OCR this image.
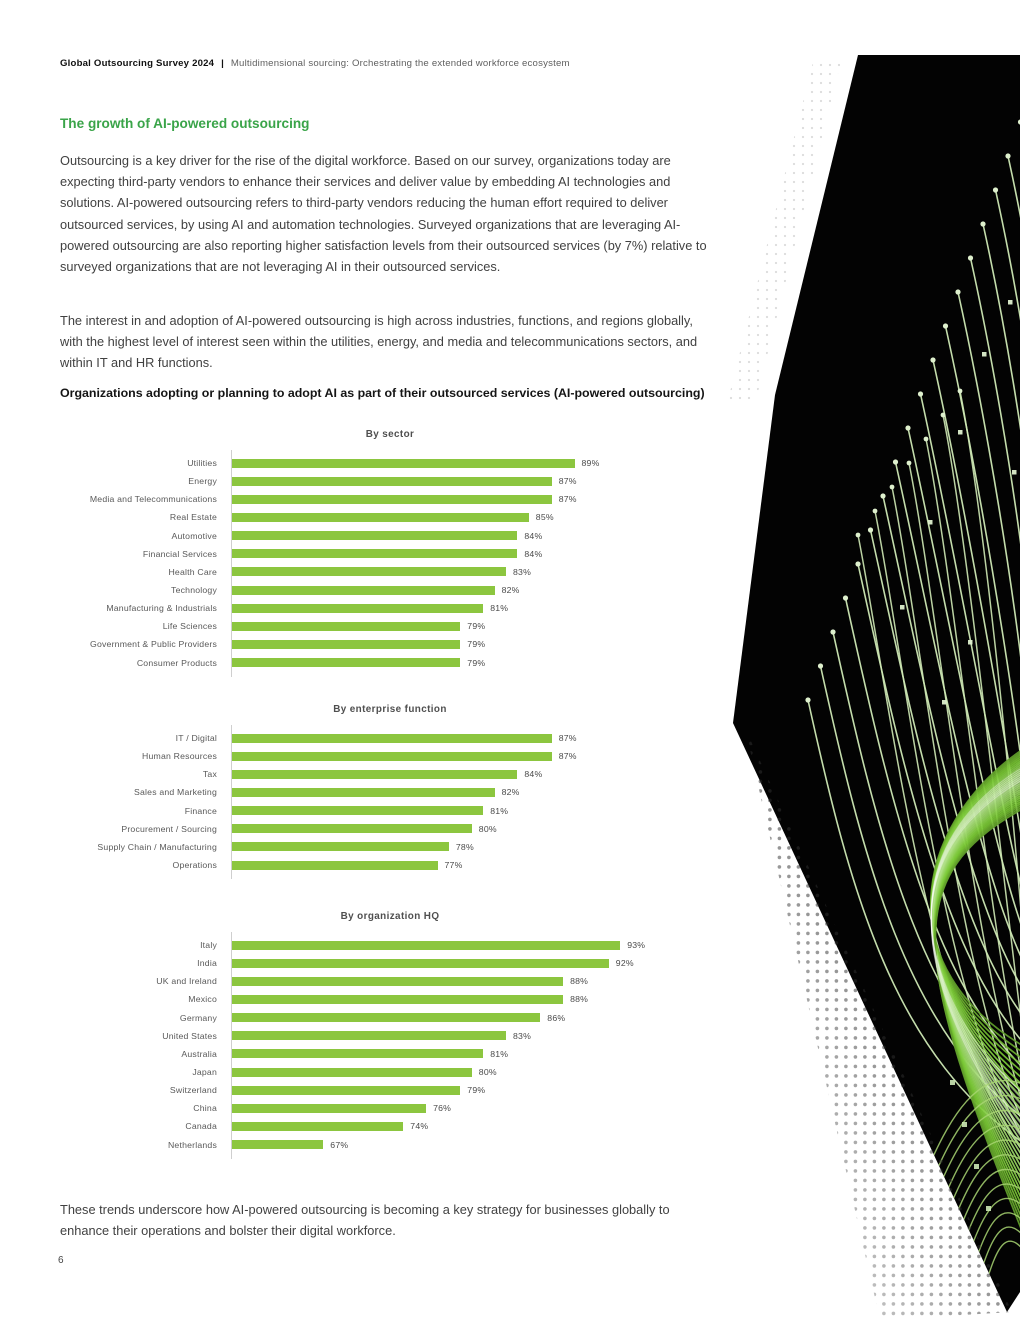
Global Outsourcing Survey 2024 | Multidimensional sourcing: Orchestrating the extended workforce ecosystem
The growth of AI-powered outsourcing

Outsourcing is a key driver for the rise of the digital workforce. Based on our survey, organizations today are expecting third-party vendors to enhance their services and deliver value by embedding AI technologies and solutions. AI-powered outsourcing refers to third-party vendors reducing the human effort required to deliver outsourced services, by using AI and automation technologies. Surveyed organizations that are leveraging AI-powered outsourcing are also reporting higher satisfaction levels from their outsourced services (by 7%) relative to surveyed organizations that are not leveraging AI in their outsourced services.

The interest in and adoption of AI-powered outsourcing is high across industries, functions, and regions globally, with the highest level of interest seen within the utilities, energy, and media and telecommunications sectors, and within IT and HR functions.

Organizations adopting or planning to adopt AI as part of their outsourced services (AI-powered outsourcing)
By sector
Utilities	89%
Energy	87%
Media and Telecommunications	87%
Real Estate	85%
Automotive	84%
Financial Services	84%
Health Care	83%
Technology	82%
Manufacturing & Industrials	81%
Life Sciences	79%
Government & Public Providers	79%
Consumer Products	79%
By enterprise function
IT / Digital	87%
Human Resources	87%
Tax	84%
Sales and Marketing	82%
Finance	81%
Procurement / Sourcing	80%
Supply Chain / Manufacturing	78%
Operations	77%
By organization HQ
Italy	93%
India	92%
UK and Ireland	88%
Mexico	88%
Germany	86%
United States	83%
Australia	81%
Japan	80%
Switzerland	79%
China	76%
Canada	74%
Netherlands	67%

These trends underscore how AI-powered outsourcing is becoming a key strategy for businesses globally to enhance their operations and bolster their digital workforce.

6
